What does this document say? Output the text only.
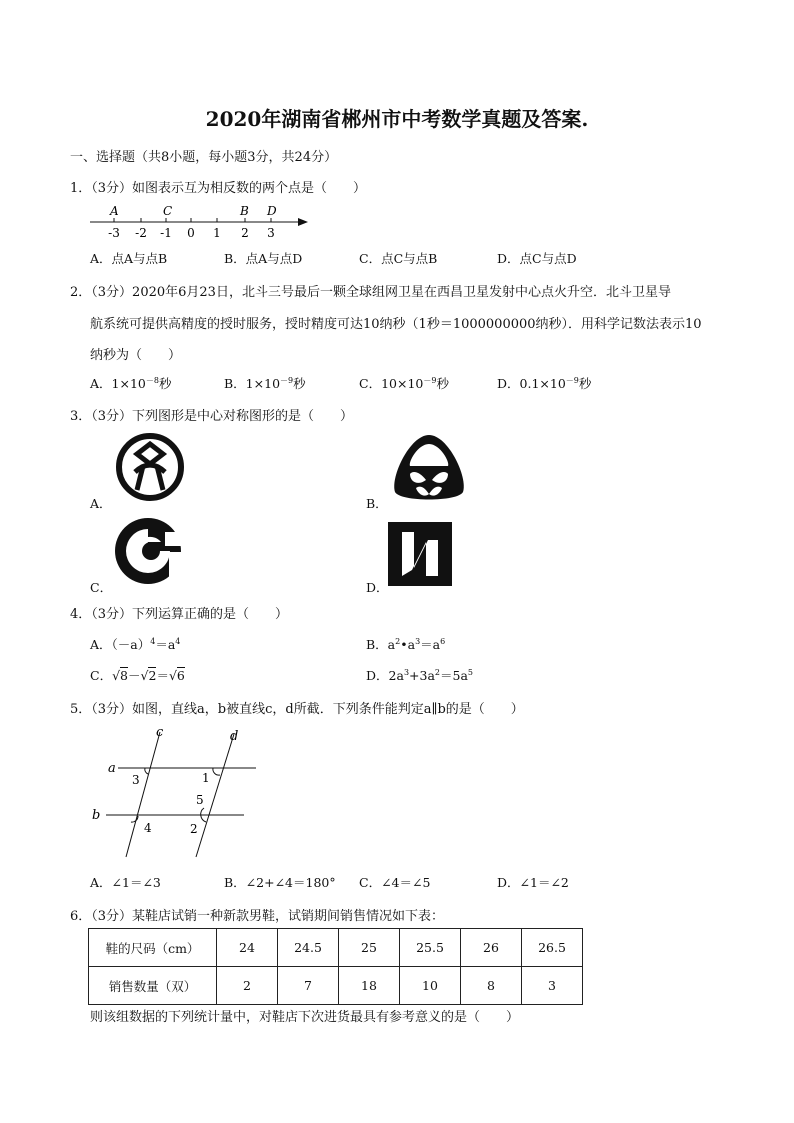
2020年湖南省郴州市中考数学真题及答案.
一、选择题（共8小题，每小题3分，共24分）
1．（3分）如图表示互为相反数的两个点是（　　）
A	C	B D
-3 -2 -1 0 1 2 3
A．点A与点B	B．点A与点D	C．点C与点B	D．点C与点D
2．（3分）2020年6月23日，北斗三号最后一颗全球组网卫星在西昌卫星发射中心点火升空．北斗卫星导
航系统可提供高精度的授时服务，授时精度可达10纳秒（1秒＝1000000000纳秒）．用科学记数法表示10
纳秒为（　　）
A．$1\times 10^{-8}$秒	B．$1\times 10^{-9}$秒	C．$10\times 10^{-9}$秒	D．$0.1\times 10^{-9}$秒
3．（3分）下列图形是中心对称图形的是（　　）
A．	B．
C．	D．
4．（3分）下列运算正确的是（　　）
A．$(-a)^4=a^4$	B．$a^2•a^3=a^6$
C．√8－√2＝√6	D．$2a^3+3a^2=5a^5$
5．（3分）如图，直线a，b被直线c，d所截．下列条件能判定a∥b的是（　　）
c	d
a
b
1
2
3
4
5
A．∠1＝∠3	B．∠2+∠4＝180° C．∠4＝∠5	D．∠1＝∠2
6．（3分）某鞋店试销一种新款男鞋，试销期间销售情况如下表：
鞋的尺码（cm）	24	24.5	25	25.5	26	26.5
销售数量（双）	2	7	18	10	8	3
则该组数据的下列统计量中，对鞋店下次进货最具有参考意义的是（　　）
